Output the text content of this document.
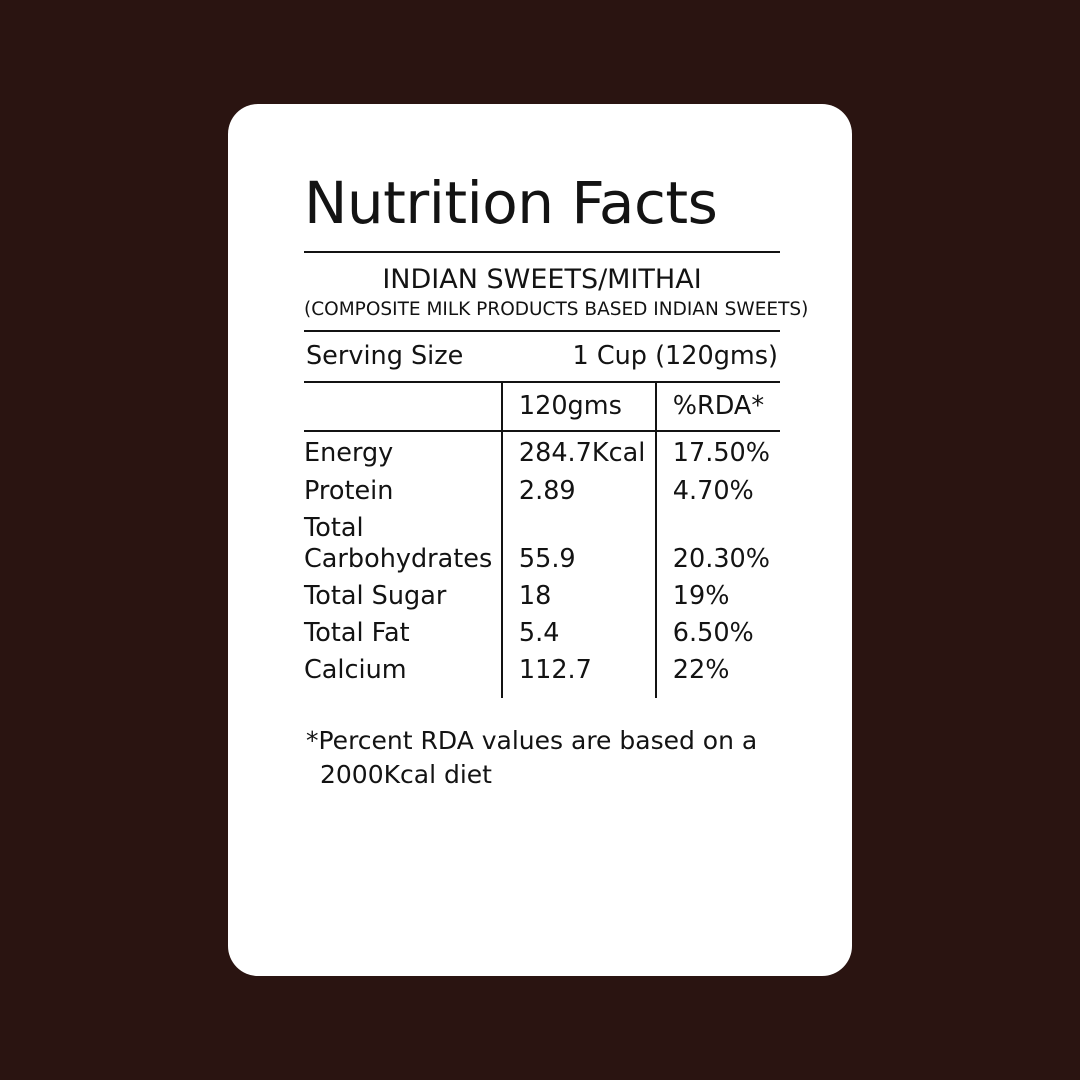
Nutrition Facts
INDIAN SWEETS/MITHAI
(COMPOSITE MILK PRODUCTS BASED INDIAN SWEETS)
Serving Size	1 Cup (120gms)
	120gms	%RDA*
Energy	284.7Kcal	17.50%
Protein	2.89	4.70%
Total Carbohydrates	55.9	20.30%
Total Sugar	18	19%
Total Fat	5.4	6.50%
Calcium	112.7	22%
*Percent RDA values are based on a
2000Kcal diet
